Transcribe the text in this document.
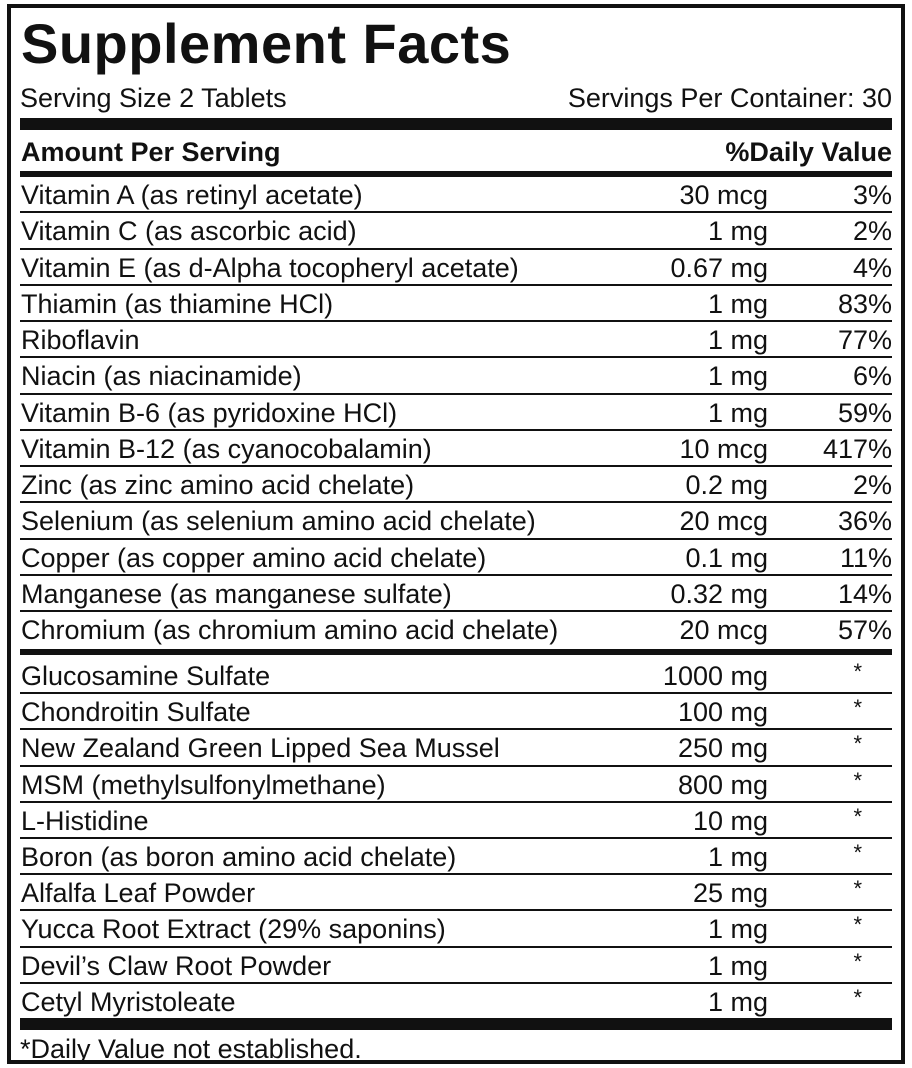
Supplement Facts
Serving Size 2 Tablets	Servings Per Container: 30
Amount Per Serving	%Daily Value
Vitamin A (as retinyl acetate)	30 mcg	3%
Vitamin C (as ascorbic acid)	1 mg	2%
Vitamin E (as d-Alpha tocopheryl acetate)	0.67 mg	4%
Thiamin (as thiamine HCl)	1 mg	83%
Riboflavin	1 mg	77%
Niacin (as niacinamide)	1 mg	6%
Vitamin B-6 (as pyridoxine HCl)	1 mg	59%
Vitamin B-12 (as cyanocobalamin)	10 mcg 417%
Zinc (as zinc amino acid chelate)	0.2 mg	2%
Selenium (as selenium amino acid chelate)	20 mcg	36%
Copper (as copper amino acid chelate)	0.1 mg	11%
Manganese (as manganese sulfate)	0.32 mg	14%
Chromium (as chromium amino acid chelate)	20 mcg	57%
Glucosamine Sulfate	1000 mg	*
Chondroitin Sulfate	100 mg	*
New Zealand Green Lipped Sea Mussel	250 mg	*
MSM (methylsulfonylmethane)	800 mg	*
L-Histidine	10 mg	*
Boron (as boron amino acid chelate)	1 mg	*
Alfalfa Leaf Powder	25 mg	*
Yucca Root Extract (29% saponins)	1 mg	*
Devil’s Claw Root Powder	1 mg	*
Cetyl Myristoleate	1 mg	*
*Daily Value not established.
